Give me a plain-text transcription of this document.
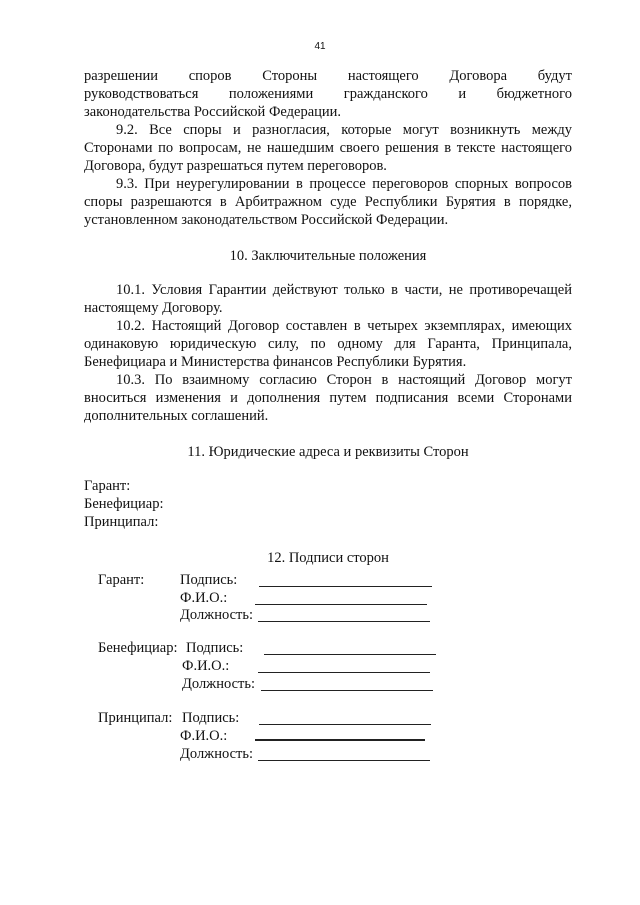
41

разрешении споров Стороны настоящего Договора будут

руководствоваться положениями гражданского и бюджетного

законодательства Российской Федерации.

9.2. Все споры и разногласия, которые могут возникнуть между Сторонами по вопросам, не нашедшим своего решения в тексте настоящего Договора, будут разрешаться путем переговоров.

9.3. При неурегулировании в процессе переговоров спорных вопросов споры разрешаются в Арбитражном суде Республики Бурятия в порядке, установленном законодательством Российской Федерации.

10. Заключительные положения

10.1. Условия Гарантии действуют только в части, не противоречащей настоящему Договору.

10.2. Настоящий Договор составлен в четырех экземплярах, имеющих одинаковую юридическую силу, по одному для Гаранта, Принципала, Бенефициара и Министерства финансов Республики Бурятия.

10.3. По взаимному согласию Сторон в настоящий Договор могут вноситься изменения и дополнения путем подписания всеми Сторонами дополнительных соглашений.

11. Юридические адреса и реквизиты Сторон

Гарант:

Бенефициар:

Принципал:

12. Подписи сторон

Гарант: Подпись:
Ф.И.О.:
Должность:
Бенефициар: Подпись:
Ф.И.О.:
Должность:
Принципал: Подпись:
Ф.И.О.:
Должность:
